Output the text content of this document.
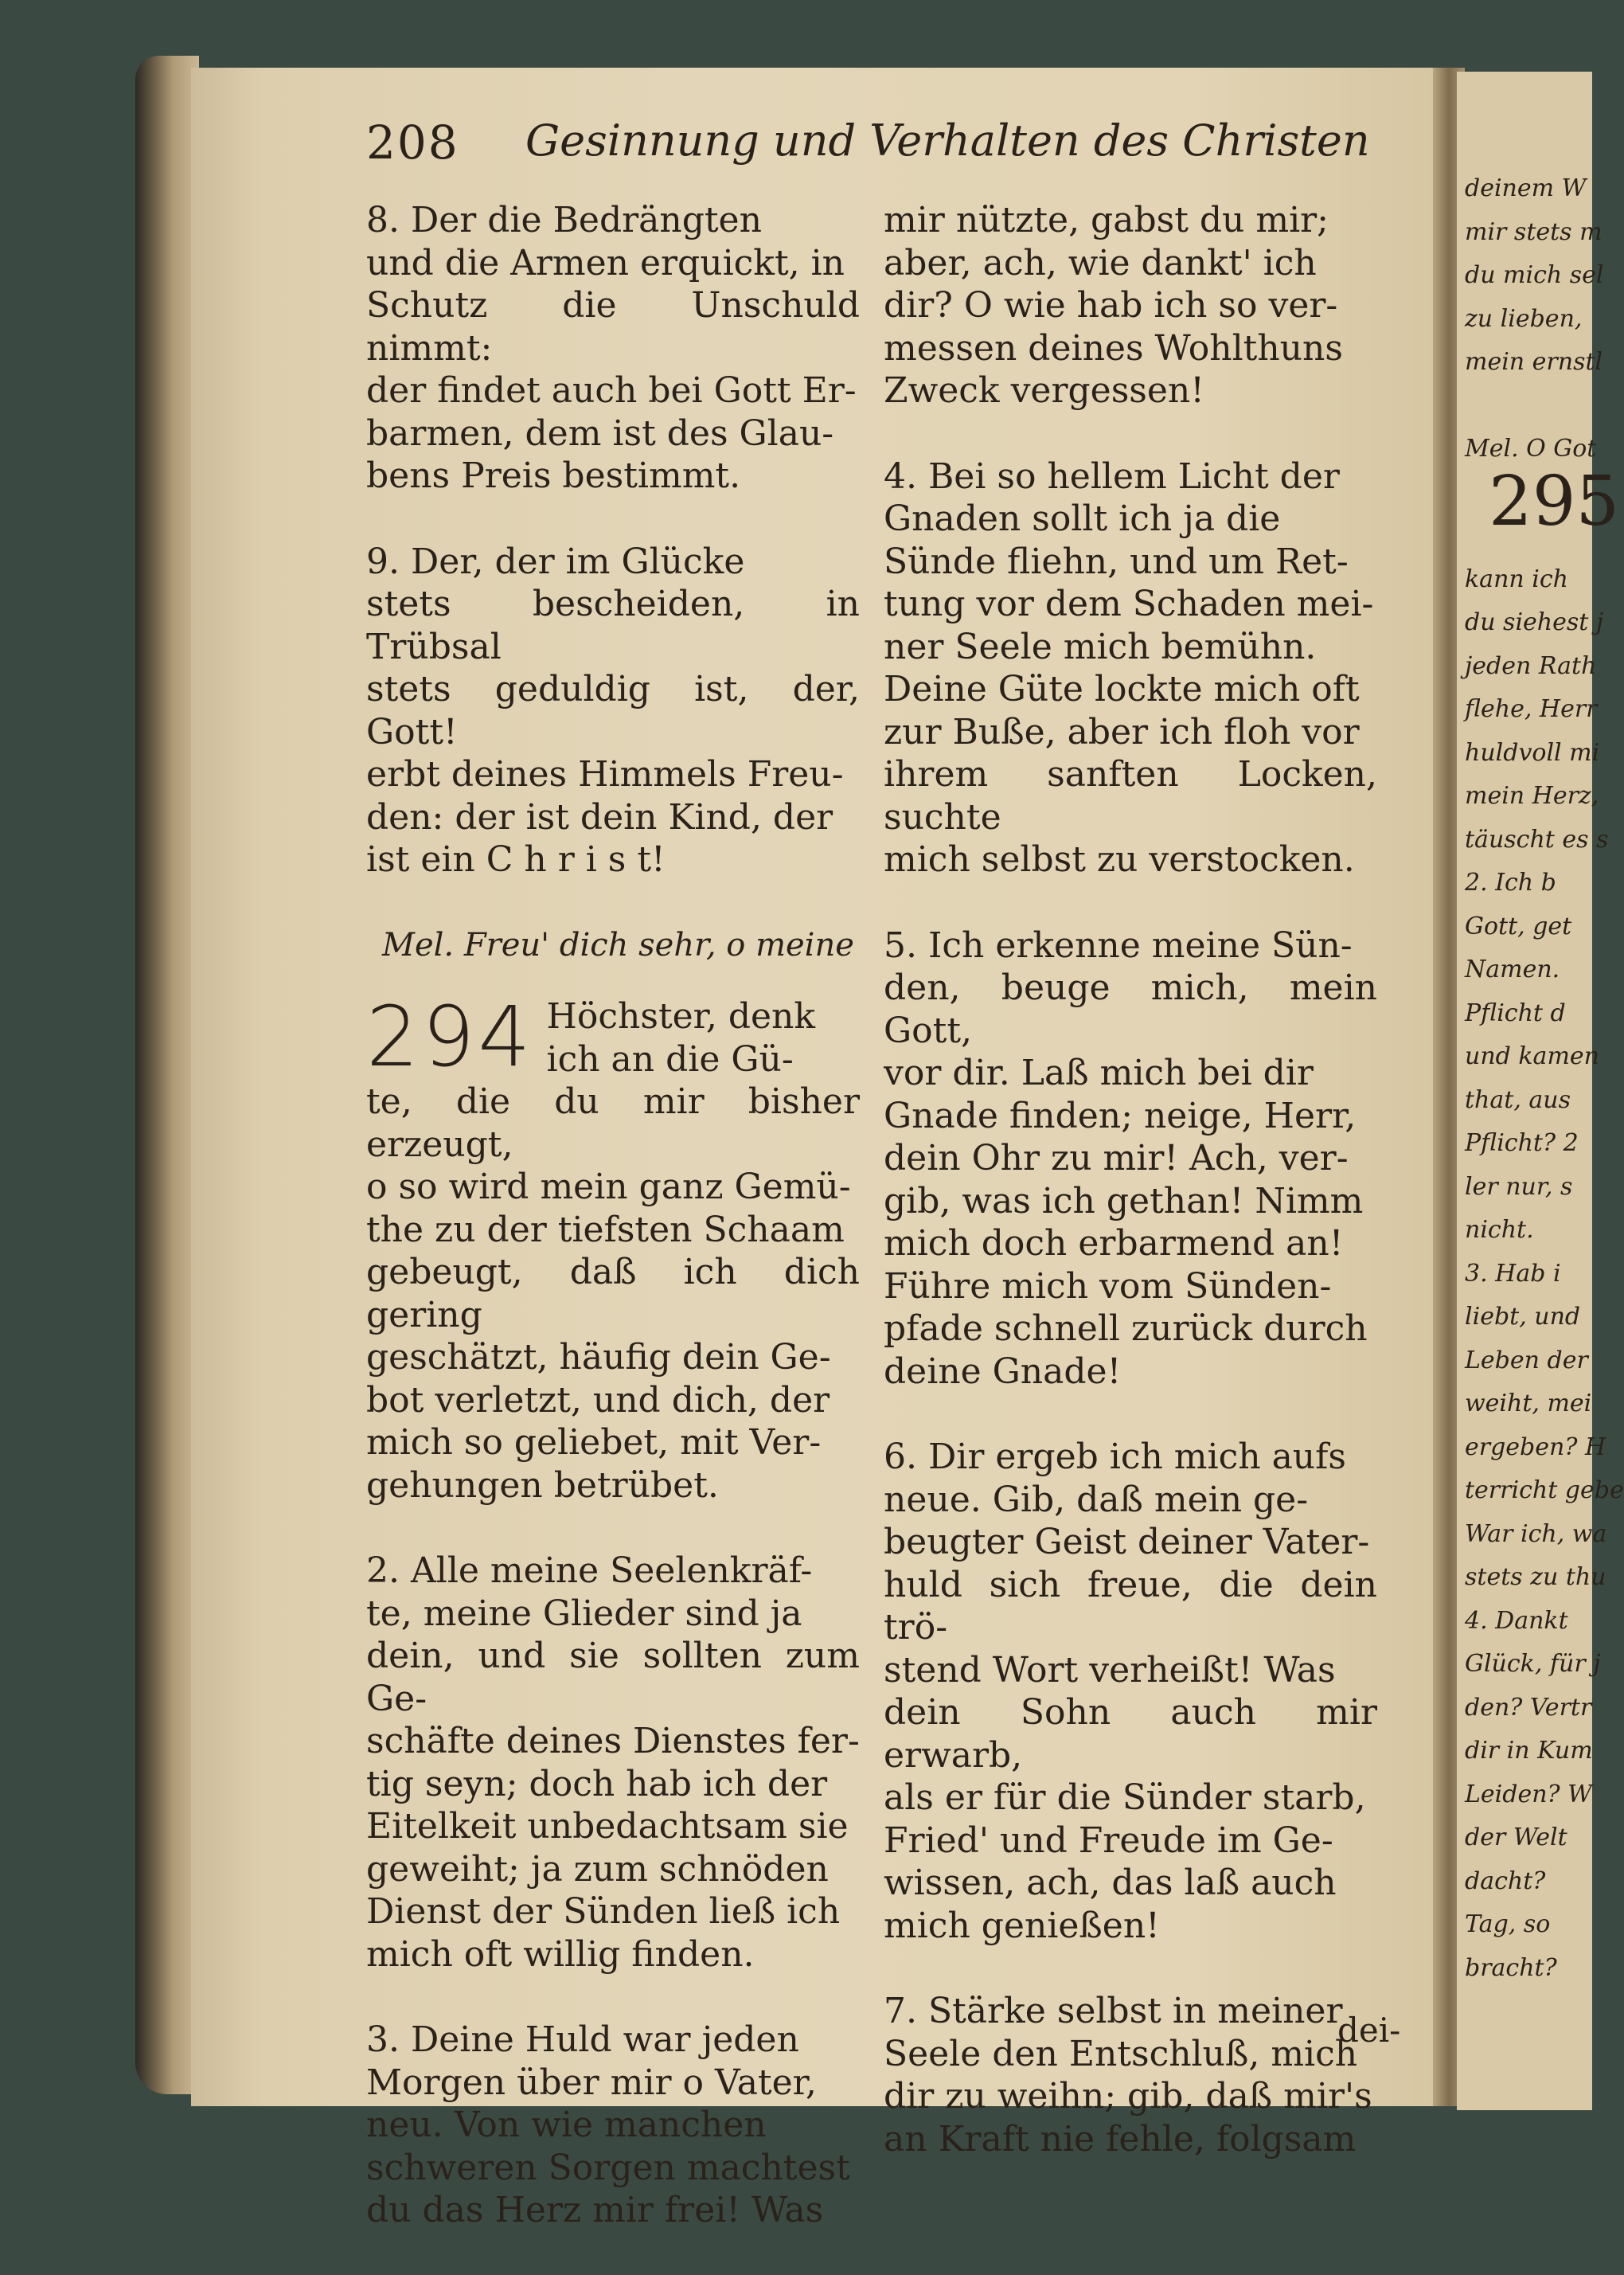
208 Gesinnung und Verhalten des Christen
8. Der die Bedrängten
und die Armen erquickt, in
Schutz die Unschuld nimmt:
der findet auch bei Gott Er-
barmen, dem ist des Glau-
bens Preis bestimmt.
9. Der, der im Glücke
stets bescheiden, in Trübsal
stets geduldig ist, der, Gott!
erbt deines Himmels Freu-
den: der ist dein Kind, der
ist ein C h r i s t!
Mel. Freu' dich sehr, o meine
294 Höchster, denk
ich an die Gü-
te, die du mir bisher erzeugt,
o so wird mein ganz Gemü-
the zu der tiefsten Schaam
gebeugt, daß ich dich gering
geschätzt, häufig dein Ge-
bot verletzt, und dich, der
mich so geliebet, mit Ver-
gehungen betrübet.
2. Alle meine Seelenkräf-
te, meine Glieder sind ja
dein, und sie sollten zum Ge-
schäfte deines Dienstes fer-
tig seyn; doch hab ich der
Eitelkeit unbedachtsam sie
geweiht; ja zum schnöden
Dienst der Sünden ließ ich
mich oft willig finden.
3. Deine Huld war jeden
Morgen über mir o Vater,
neu. Von wie manchen
schweren Sorgen machtest
du das Herz mir frei! Was
mir nützte, gabst du mir;
aber, ach, wie dankt' ich
dir? O wie hab ich so ver-
messen deines Wohlthuns
Zweck vergessen!
4. Bei so hellem Licht der
Gnaden sollt ich ja die
Sünde fliehn, und um Ret-
tung vor dem Schaden mei-
ner Seele mich bemühn.
Deine Güte lockte mich oft
zur Buße, aber ich floh vor
ihrem sanften Locken, suchte
mich selbst zu verstocken.
5. Ich erkenne meine Sün-
den, beuge mich, mein Gott,
vor dir. Laß mich bei dir
Gnade finden; neige, Herr,
dein Ohr zu mir! Ach, ver-
gib, was ich gethan! Nimm
mich doch erbarmend an!
Führe mich vom Sünden-
pfade schnell zurück durch
deine Gnade!
6. Dir ergeb ich mich aufs
neue. Gib, daß mein ge-
beugter Geist deiner Vater-
huld sich freue, die dein trö-
stend Wort verheißt! Was
dein Sohn auch mir erwarb,
als er für die Sünder starb,
Fried' und Freude im Ge-
wissen, ach, das laß auch
mich genießen!
7. Stärke selbst in meiner
Seele den Entschluß, mich
dir zu weihn; gib, daß mir's
an Kraft nie fehle, folgsam
dei-
deinem W
mir stets m
du mich sel
zu lieben,
mein ernstl

Mel. O Got

kann ich
du siehest j
jeden Rath
flehe, Herr
huldvoll mi
mein Herz,
täuscht es s
2. Ich b
Gott, get
Namen.
Pflicht d
und kamen
that, aus
Pflicht? 2
ler nur, s
nicht.
3. Hab i
liebt, und
Leben der
weiht, mei
ergeben? H
terricht gebe
War ich, wa
stets zu thu
4. Dankt
Glück, für j
den? Vertr
dir in Kum
Leiden? W
der Welt
dacht?
Tag, so
bracht?
295
